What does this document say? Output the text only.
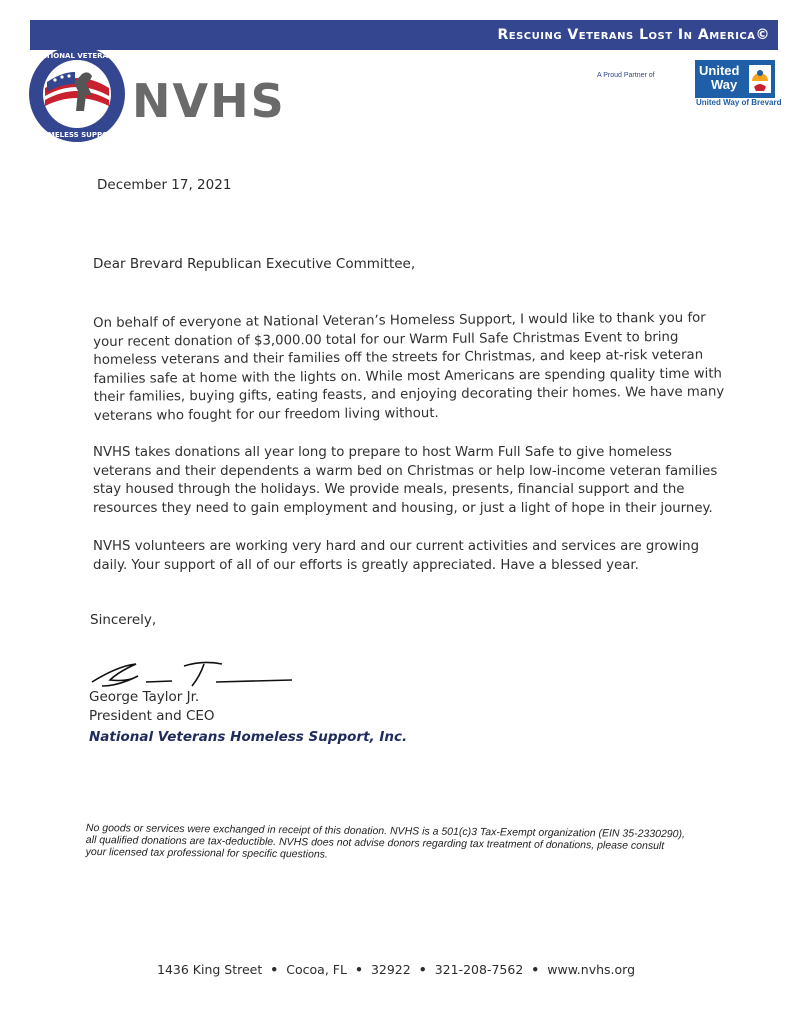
Rescuing Veterans Lost In America©
NATIONAL VETERANS
HOMELESS SUPPORT
NVHS	A Proud Partner of	United
Way
United Way of Brevard
December 17, 2021
Dear Brevard Republican Executive Committee,

On behalf of everyone at National Veteran’s Homeless Support, I would like to thank you for your recent donation of $3,000.00 total for our Warm Full Safe Christmas Event to bring homeless veterans and their families off the streets for Christmas, and keep at-risk veteran families safe at home with the lights on. While most Americans are spending quality time with their families, buying gifts, eating feasts, and enjoying decorating their homes. We have many veterans who fought for our freedom living without.

NVHS takes donations all year long to prepare to host Warm Full Safe to give homeless veterans and their dependents a warm bed on Christmas or help low-income veteran families stay housed through the holidays. We provide meals, presents, financial support and the resources they need to gain employment and housing, or just a light of hope in their journey.

NVHS volunteers are working very hard and our current activities and services are growing daily. Your support of all of our efforts is greatly appreciated. Have a blessed year.

Sincerely,
George Taylor Jr.
President and CEO
National Veterans Homeless Support, Inc.
No goods or services were exchanged in receipt of this donation. NVHS is a 501(c)3 Tax-Exempt organization (EIN 35-2330290), all qualified donations are tax-deductible. NVHS does not advise donors regarding tax treatment of donations, please consult your licensed tax professional for specific questions.
1436 King Street • Cocoa, FL • 32922 • 321-208-7562 • www.nvhs.org
